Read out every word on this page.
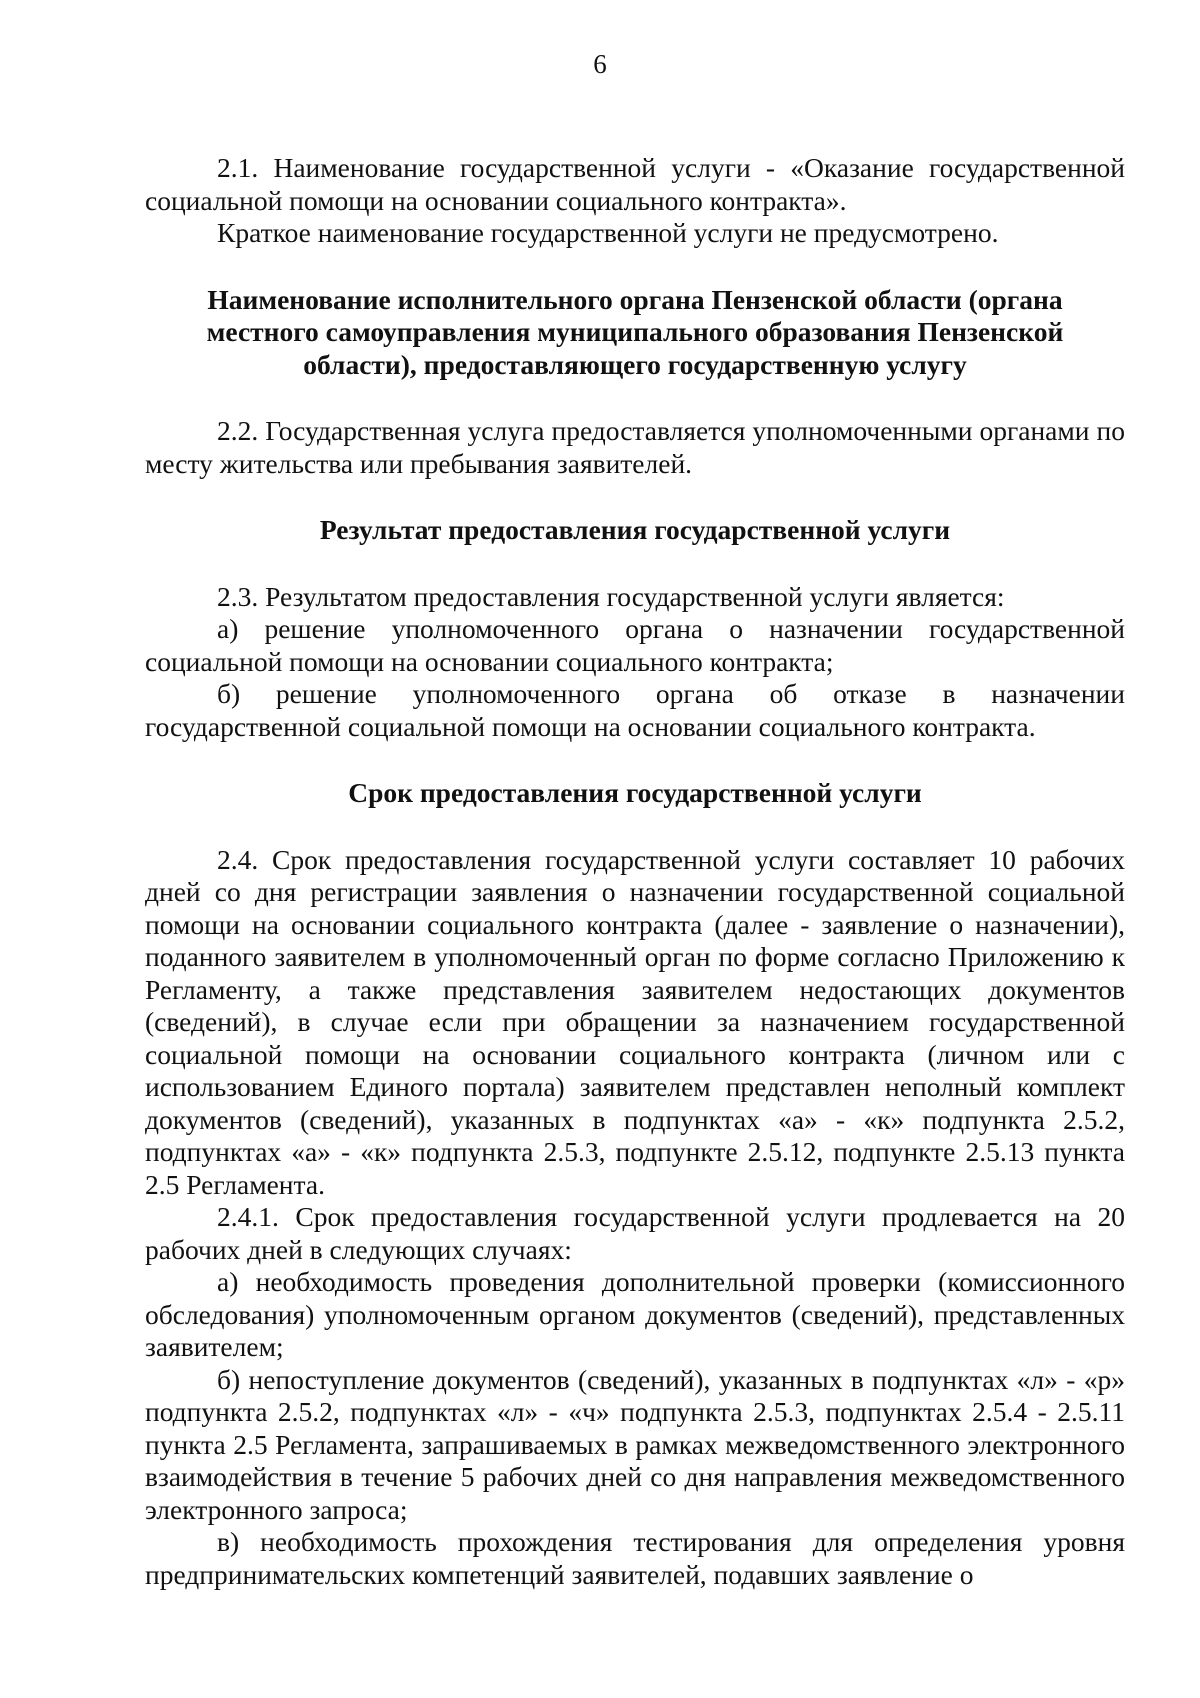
6

2.1. Наименование государственной услуги - «Оказание государственной социальной помощи на основании социального контракта».

Краткое наименование государственной услуги не предусмотрено.

Наименование исполнительного органа Пензенской области (органа местного самоуправления муниципального образования Пензенской области), предоставляющего государственную услугу

2.2. Государственная услуга предоставляется уполномоченными органами по месту жительства или пребывания заявителей.

Результат предоставления государственной услуги

2.3. Результатом предоставления государственной услуги является:

а) решение уполномоченного органа о назначении государственной социальной помощи на основании социального контракта;

б) решение уполномоченного органа об отказе в назначении государственной социальной помощи на основании социального контракта.

Срок предоставления государственной услуги

2.4. Срок предоставления государственной услуги составляет 10 рабочих дней со дня регистрации заявления о назначении государственной социальной помощи на основании социального контракта (далее - заявление о назначении), поданного заявителем в уполномоченный орган по форме согласно Приложению к Регламенту, а также представления заявителем недостающих документов (сведений), в случае если при обращении за назначением государственной социальной помощи на основании социального контракта (личном или с использованием Единого портала) заявителем представлен неполный комплект документов (сведений), указанных в подпунктах «а» - «к» подпункта 2.5.2, подпунктах «а» - «к» подпункта 2.5.3, подпункте 2.5.12, подпункте 2.5.13 пункта 2.5 Регламента.

2.4.1. Срок предоставления государственной услуги продлевается на 20 рабочих дней в следующих случаях:

а) необходимость проведения дополнительной проверки (комиссионного обследования) уполномоченным органом документов (сведений), представленных заявителем;

б) непоступление документов (сведений), указанных в подпунктах «л» - «р» подпункта 2.5.2, подпунктах «л» - «ч» подпункта 2.5.3, подпунктах 2.5.4 - 2.5.11 пункта 2.5 Регламента, запрашиваемых в рамках межведомственного электронного взаимодействия в течение 5 рабочих дней со дня направления межведомственного электронного запроса;

в) необходимость прохождения тестирования для определения уровня предпринимательских компетенций заявителей, подавших заявление о
